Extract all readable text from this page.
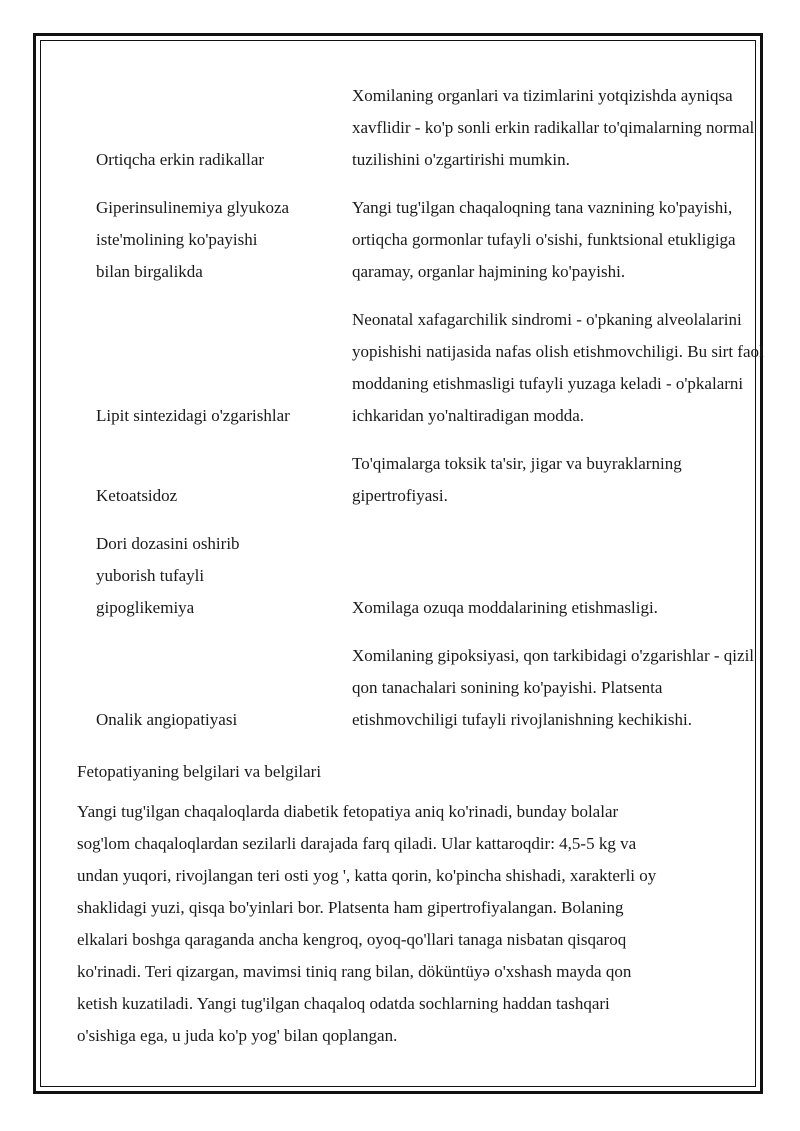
Ortiqcha erkin radikallar
Xomilaning organlari va tizimlarini yotqizishda ayniqsa
xavflidir - ko'p sonli erkin radikallar to'qimalarning normal
tuzilishini o'zgartirishi mumkin.
Giperinsulinemiya glyukoza
iste'molining ko'payishi
bilan birgalikda
Yangi tug'ilgan chaqaloqning tana vaznining ko'payishi,
ortiqcha gormonlar tufayli o'sishi, funktsional etukligiga
qaramay, organlar hajmining ko'payishi.
Lipit sintezidagi o'zgarishlar
Neonatal xafagarchilik sindromi - o'pkaning alveolalarini
yopishishi natijasida nafas olish etishmovchiligi. Bu sirt faol
moddaning etishmasligi tufayli yuzaga keladi - o'pkalarni
ichkaridan yo'naltiradigan modda.
Ketoatsidoz
To'qimalarga toksik ta'sir, jigar va buyraklarning
gipertrofiyasi.
Dori dozasini oshirib
yuborish tufayli
gipoglikemiya	Xomilaga ozuqa moddalarining etishmasligi.
Onalik angiopatiyasi
Xomilaning gipoksiyasi, qon tarkibidagi o'zgarishlar - qizil
qon tanachalari sonining ko'payishi. Platsenta
etishmovchiligi tufayli rivojlanishning kechikishi.
Fetopatiyaning belgilari va belgilari
Yangi tug'ilgan chaqaloqlarda diabetik fetopatiya aniq ko'rinadi, bunday bolalar
sog'lom chaqaloqlardan sezilarli darajada farq qiladi. Ular kattaroqdir: 4,5-5 kg va
undan yuqori, rivojlangan teri osti yog ', katta qorin, ko'pincha shishadi, xarakterli oy
shaklidagi yuzi, qisqa bo'yinlari bor. Platsenta ham gipertrofiyalangan. Bolaning
elkalari boshga qaraganda ancha kengroq, oyoq-qo'llari tanaga nisbatan qisqaroq
ko'rinadi. Teri qizargan, mavimsi tiniq rang bilan, döküntüyə o'xshash mayda qon
ketish kuzatiladi. Yangi tug'ilgan chaqaloq odatda sochlarning haddan tashqari
o'sishiga ega, u juda ko'p yog' bilan qoplangan.
